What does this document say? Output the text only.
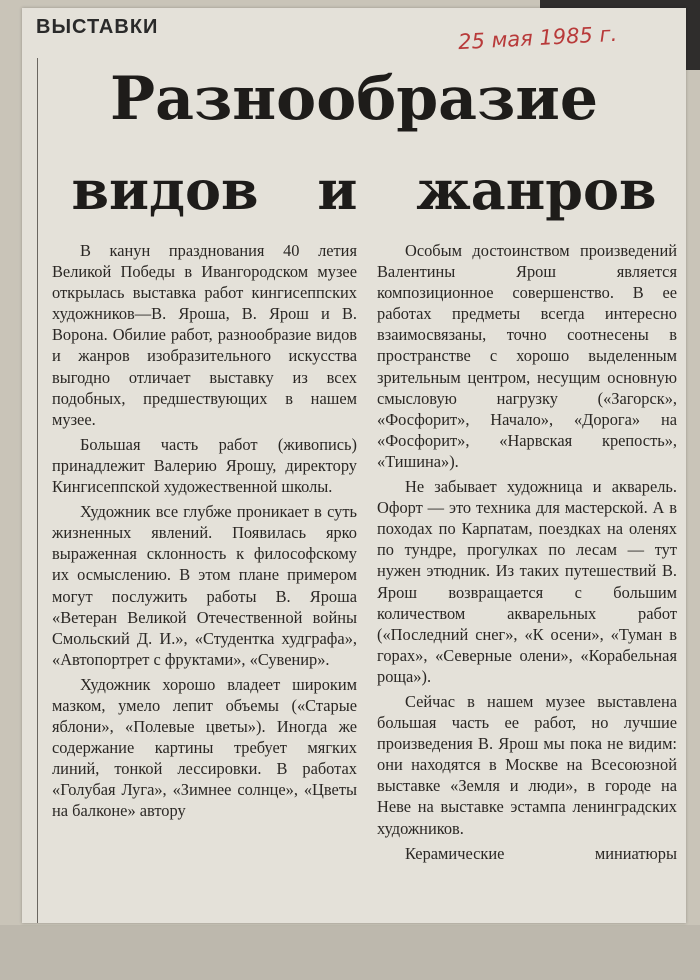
ВЫСТАВКИ	25 мая 1985 г.
Разнообразие
видов и жанров

В канун празднования 40 летия Великой Победы в Ивангородском музее открылась выставка работ кингисеппских художников—В. Яроша, В. Ярош и В. Ворона. Обилие работ, разнообразие видов и жанров изобразительного искусства выгодно отличает выставку из всех подобных, предшествующих в нашем музее.

Большая часть работ (живопись) принадлежит Валерию Ярошу, директору Кингисеппской художественной школы.

Художник все глубже проникает в суть жизненных явлений. Появилась ярко выраженная склонность к философскому их осмыслению. В этом плане примером могут послужить работы В. Яроша «Ветеран Великой Отечественной войны Смольский Д. И.», «Студентка худграфа», «Автопортрет с фруктами», «Сувенир».

Художник хорошо владеет широким мазком, умело лепит объемы («Старые яблони», «Полевые цветы»). Иногда же содержание картины требует мягких линий, тонкой лессировки. В работах «Голубая Луга», «Зимнее солнце», «Цветы на балконе» автору

Особым достоинством произведений Валентины Ярош является композиционное совершенство. В ее работах предметы всегда интересно взаимосвязаны, точно соотнесены в пространстве с хорошо выделенным зрительным центром, несущим основную смысловую нагрузку («Загорск», «Фосфорит», Начало», «Дорога» на «Фосфорит», «Нарвская крепость», «Тишина»).

Не забывает художница и акварель. Офорт — это техника для мастерской. А в походах по Карпатам, поездках на оленях по тундре, прогулках по лесам — тут нужен этюдник. Из таких путешествий В. Ярош возвращается с большим количеством акварельных работ («Последний снег», «К осени», «Туман в горах», «Северные олени», «Корабельная роща»).

Сейчас в нашем музее выставлена большая часть ее работ, но лучшие произведения В. Ярош мы пока не видим: они находятся в Москве на Всесоюзной выставке «Земля и люди», в городе на Неве на выставке эстампа ленинградских художников.

Керамические миниатюры
